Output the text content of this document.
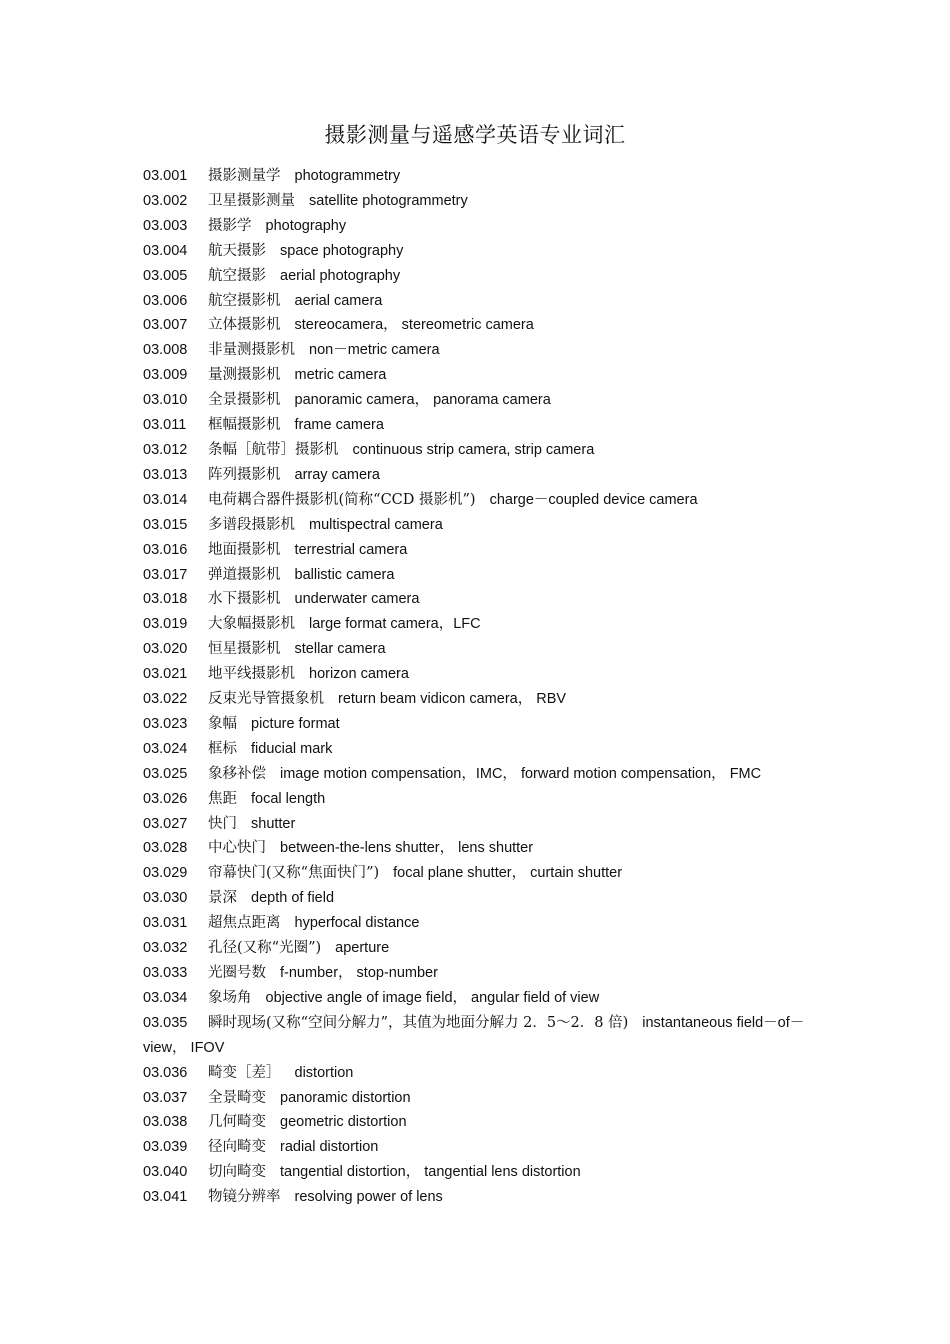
摄影测量与遥感学英语专业词汇
03.001 摄影测量学 photogrammetry
03.002 卫星摄影测量 satellite photogrammetry
03.003 摄影学 photography
03.004 航天摄影 space photography
03.005 航空摄影 aerial photography
03.006 航空摄影机 aerial camera
03.007 立体摄影机 stereocamera， stereometric camera
03.008 非量测摄影机 non－metric camera
03.009 量测摄影机 metric camera
03.010 全景摄影机 panoramic camera， panorama camera
03.011 框幅摄影机 frame camera
03.012 条幅［航带］摄影机 continuous strip camera, strip camera
03.013 阵列摄影机 array camera
03.014 电荷耦合器件摄影机(简称“CCD 摄影机”) charge－coupled device camera
03.015 多谱段摄影机 multispectral camera
03.016 地面摄影机 terrestrial camera
03.017 弹道摄影机 ballistic camera
03.018 水下摄影机 underwater camera
03.019 大象幅摄影机 large format camera，LFC
03.020 恒星摄影机 stellar camera
03.021 地平线摄影机 horizon camera
03.022 反束光导管摄象机 return beam vidicon camera， RBV
03.023 象幅 picture format
03.024 框标 fiducial mark
03.025 象移补偿 image motion compensation，IMC， forward motion compensation， FMC
03.026 焦距 focal length
03.027 快门 shutter
03.028 中心快门 between-the-lens shutter， lens shutter
03.029 帘幕快门(又称“焦面快门”) focal plane shutter， curtain shutter
03.030 景深 depth of field
03.031 超焦点距离 hyperfocal distance
03.032 孔径(又称“光圈”) aperture
03.033 光圈号数 f-number， stop-number
03.034 象场角 objective angle of image field， angular field of view
03.035 瞬时现场(又称“空间分解力”，其值为地面分解力 2．5～2．8 倍) instantaneous field－of－view， IFOV
03.036 畸变［差］ distortion
03.037 全景畸变 panoramic distortion
03.038 几何畸变 geometric distortion
03.039 径向畸变 radial distortion
03.040 切向畸变 tangential distortion， tangential lens distortion
03.041 物镜分辨率 resolving power of lens
